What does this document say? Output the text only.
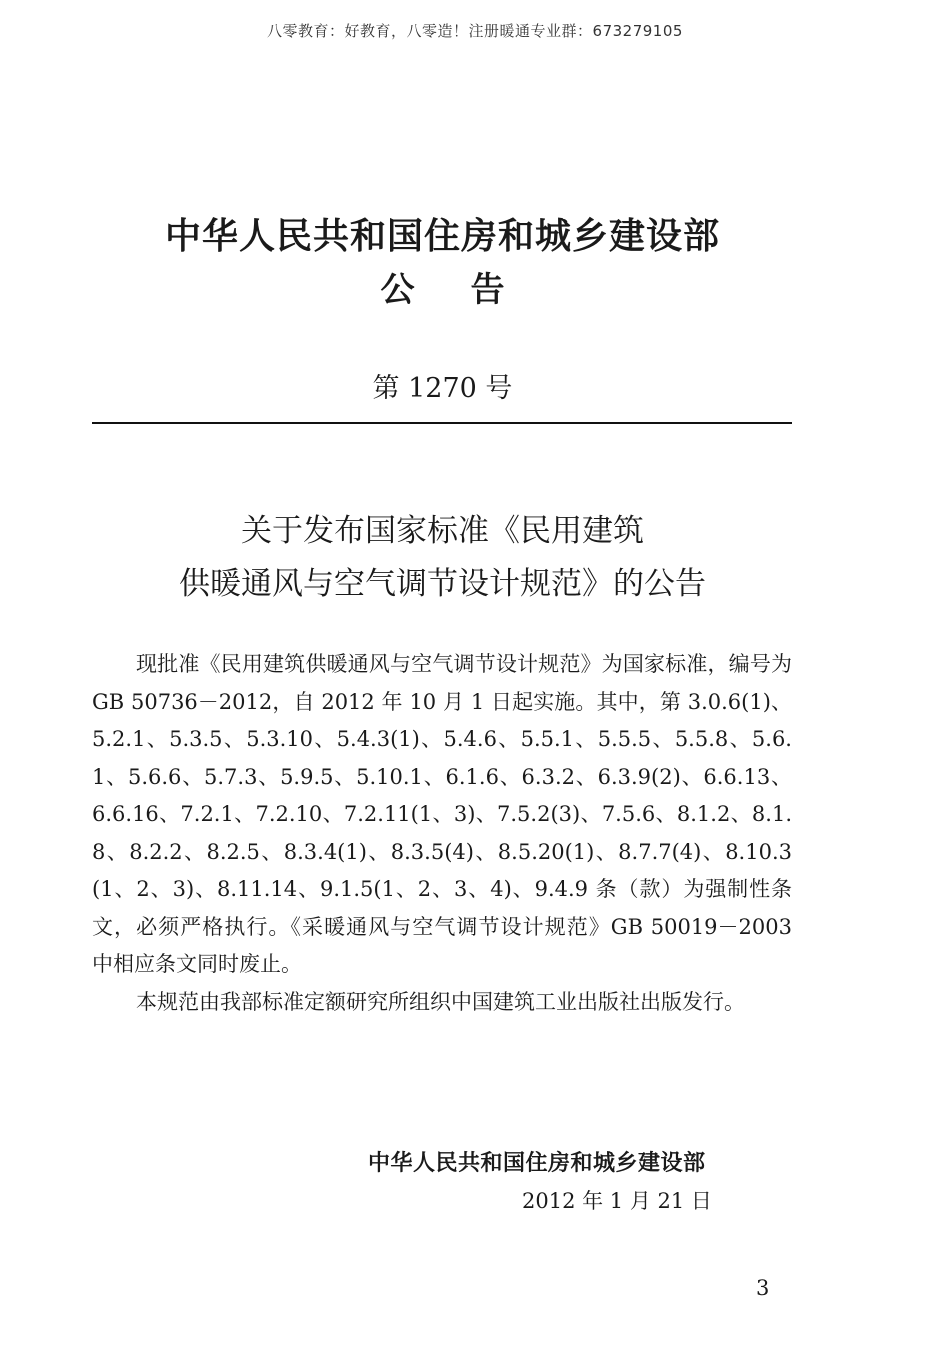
八零教育：好教育，八零造！注册暖通专业群：673279105
中华人民共和国住房和城乡建设部
公告
第 1270 号
关于发布国家标准《民用建筑
供暖通风与空气调节设计规范》的公告

现批准《民用建筑供暖通风与空气调节设计规范》为国家标准，编号为 GB 50736－2012，自 2012 年 10 月 1 日起实施。其中，第 3.0.6(1)、5.2.1、5.3.5、5.3.10、5.4.3(1)、5.4.6、5.5.1、5.5.5、5.5.8、5.6.1、5.6.6、5.7.3、5.9.5、5.10.1、6.1.6、6.3.2、6.3.9(2)、6.6.13、6.6.16、7.2.1、7.2.10、7.2.11(1、3)、7.5.2(3)、7.5.6、8.1.2、8.1.8、8.2.2、8.2.5、8.3.4(1)、8.3.5(4)、8.5.20(1)、8.7.7(4)、8.10.3(1、2、3)、8.11.14、9.1.5(1、2、3、4)、9.4.9 条（款）为强制性条文，必须严格执行。《采暖通风与空气调节设计规范》GB 50019－2003 中相应条文同时废止。

本规范由我部标准定额研究所组织中国建筑工业出版社出版发行。

中华人民共和国住房和城乡建设部
2012 年 1 月 21 日
3
